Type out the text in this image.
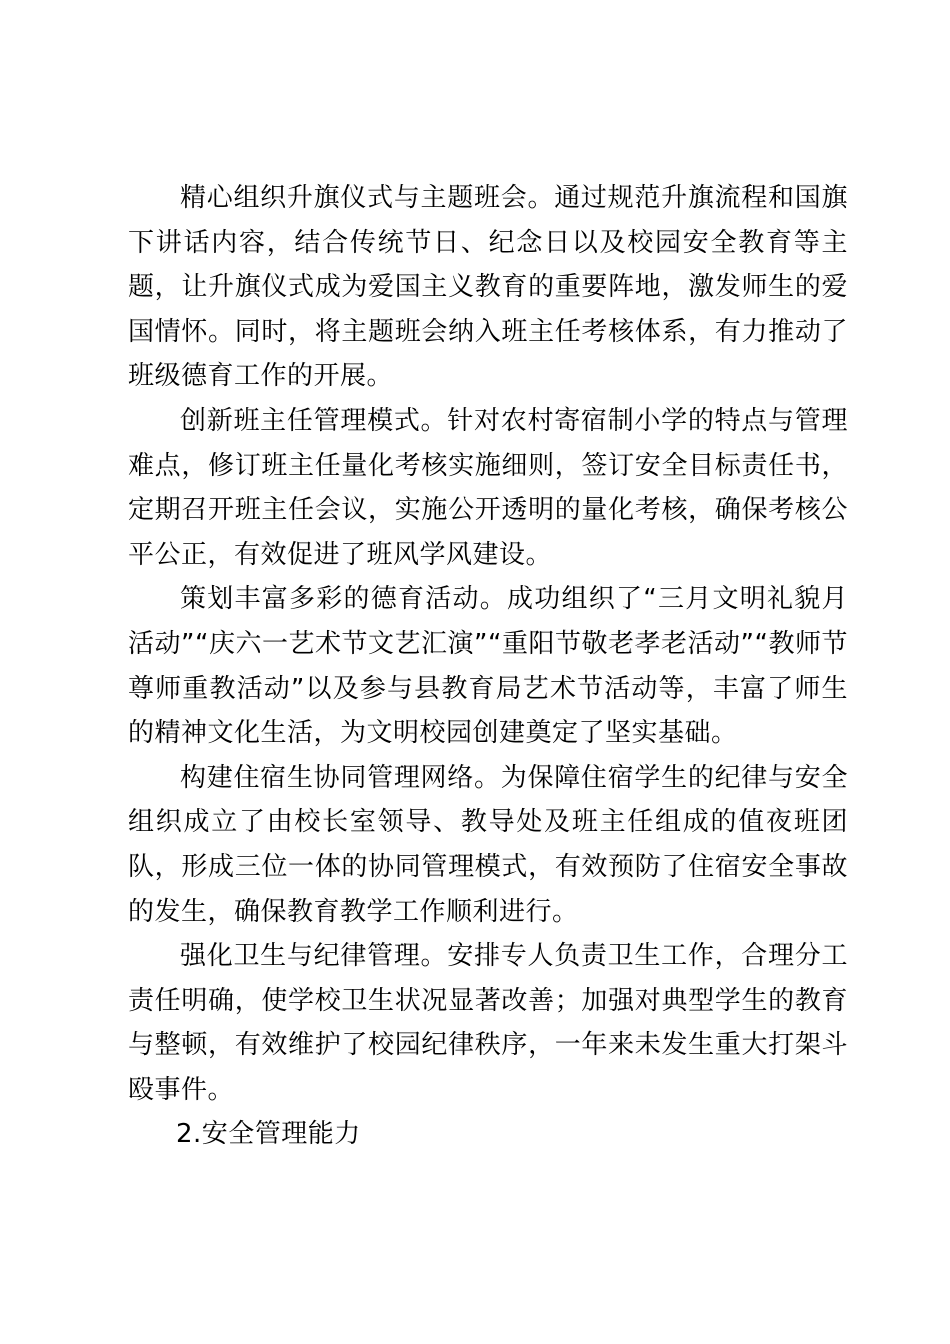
精心组织升旗仪式与主题班会。通过规范升旗流程和国旗下讲话内容，结合传统节日、纪念日以及校园安全教育等主题，让升旗仪式成为爱国主义教育的重要阵地，激发师生的爱国情怀。同时，将主题班会纳入班主任考核体系，有力推动了班级德育工作的开展。

创新班主任管理模式。针对农村寄宿制小学的特点与管理难点，修订班主任量化考核实施细则，签订安全目标责任书，定期召开班主任会议，实施公开透明的量化考核，确保考核公平公正，有效促进了班风学风建设。

策划丰富多彩的德育活动。成功组织了“三月文明礼貌月活动”“庆六一艺术节文艺汇演”“重阳节敬老孝老活动”“教师节尊师重教活动”以及参与县教育局艺术节活动等，丰富了师生的精神文化生活，为文明校园创建奠定了坚实基础。

构建住宿生协同管理网络。为保障住宿学生的纪律与安全组织成立了由校长室领导、教导处及班主任组成的值夜班团队，形成三位一体的协同管理模式，有效预防了住宿安全事故的发生，确保教育教学工作顺利进行。

强化卫生与纪律管理。安排专人负责卫生工作，合理分工责任明确，使学校卫生状况显著改善；加强对典型学生的教育与整顿，有效维护了校园纪律秩序，一年来未发生重大打架斗殴事件。

2.安全管理能力
